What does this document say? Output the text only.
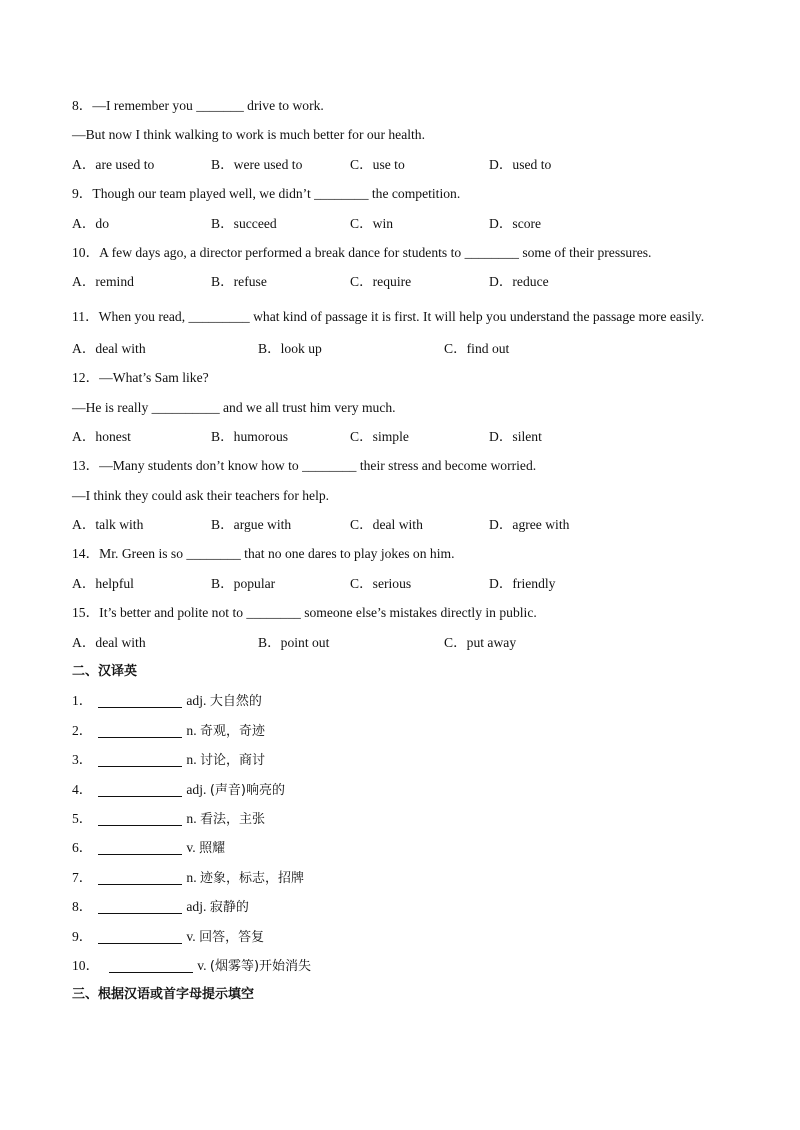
8．—I remember you _______ drive to work.
—But now I think walking to work is much better for our health.
A．are used to	B．were used to	C．use to	D．used to
9．Though our team played well, we didn’t ________ the competition.
A．do	B．succeed	C．win	D．score
10．A few days ago, a director performed a break dance for students to ________ some of their pressures.
A．remind	B．refuse	C．require	D．reduce
11．When you read, _________ what kind of passage it is first. It will help you understand the passage more easily.
A．deal with	B．look up	C．find out
12．—What’s Sam like?
—He is really __________ and we all trust him very much.
A．honest	B．humorous	C．simple	D．silent
13．—Many students don’t know how to ________ their stress and become worried.
—I think they could ask their teachers for help.
A．talk with	B．argue with	C．deal with	D．agree with
14．Mr. Green is so ________ that no one dares to play jokes on him.
A．helpful	B．popular	C．serious	D．friendly
15．It’s better and polite not to ________ someone else’s mistakes directly in public.
A．deal with	B．point out	C．put away
二、汉译英
1．	adj. 大自然的
2．	n. 奇观，奇迹
3．	n. 讨论，商讨
4．	adj. (声音)响亮的
5．	n. 看法，主张
6．	v. 照耀
7．	n. 迹象，标志，招牌
8．	adj. 寂静的
9．	v. 回答，答复
10．	v. (烟雾等)开始消失
三、根据汉语或首字母提示填空
